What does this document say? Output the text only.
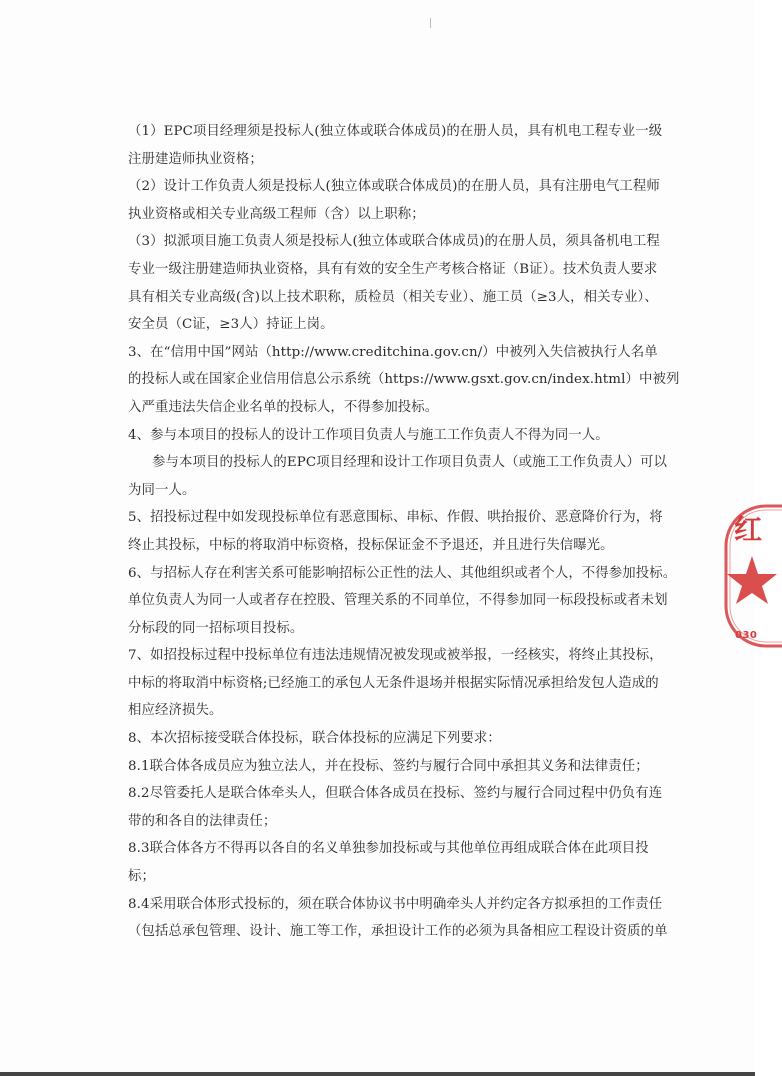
（1）EPC项目经理须是投标人(独立体或联合体成员)的在册人员，具有机电工程专业一级
注册建造师执业资格；
（2）设计工作负责人须是投标人(独立体或联合体成员)的在册人员，具有注册电气工程师
执业资格或相关专业高级工程师（含）以上职称；
（3）拟派项目施工负责人须是投标人(独立体或联合体成员)的在册人员，须具备机电工程
专业一级注册建造师执业资格，具有有效的安全生产考核合格证（B证）。技术负责人要求
具有相关专业高级(含)以上技术职称，质检员（相关专业）、施工员（≥3人，相关专业）、
安全员（C证，≥3人）持证上岗。
3、在“信用中国”网站（http://www.creditchina.gov.cn/）中被列入失信被执行人名单
的投标人或在国家企业信用信息公示系统（https://www.gsxt.gov.cn/index.html）中被列
入严重违法失信企业名单的投标人，不得参加投标。
4、参与本项目的投标人的设计工作项目负责人与施工工作负责人不得为同一人。
参与本项目的投标人的EPC项目经理和设计工作项目负责人（或施工工作负责人）可以
为同一人。
5、招投标过程中如发现投标单位有恶意围标、串标、作假、哄抬报价、恶意降价行为，将
终止其投标，中标的将取消中标资格，投标保证金不予退还，并且进行失信曝光。
6、与招标人存在利害关系可能影响招标公正性的法人、其他组织或者个人，不得参加投标。
单位负责人为同一人或者存在控股、管理关系的不同单位，不得参加同一标段投标或者未划
分标段的同一招标项目投标。
7、如招投标过程中投标单位有违法违规情况被发现或被举报，一经核实，将终止其投标，
中标的将取消中标资格;已经施工的承包人无条件退场并根据实际情况承担给发包人造成的
相应经济损失。
8、本次招标接受联合体投标，联合体投标的应满足下列要求：
8.1联合体各成员应为独立法人，并在投标、签约与履行合同中承担其义务和法律责任；
8.2尽管委托人是联合体牵头人，但联合体各成员在投标、签约与履行合同过程中仍负有连
带的和各自的法律责任；
8.3联合体各方不得再以各自的名义单独参加投标或与其他单位再组成联合体在此项目投
标；
8.4采用联合体形式投标的，须在联合体协议书中明确牵头人并约定各方拟承担的工作责任
（包括总承包管理、设计、施工等工作，承担设计工作的必须为具备相应工程设计资质的单
红
030
